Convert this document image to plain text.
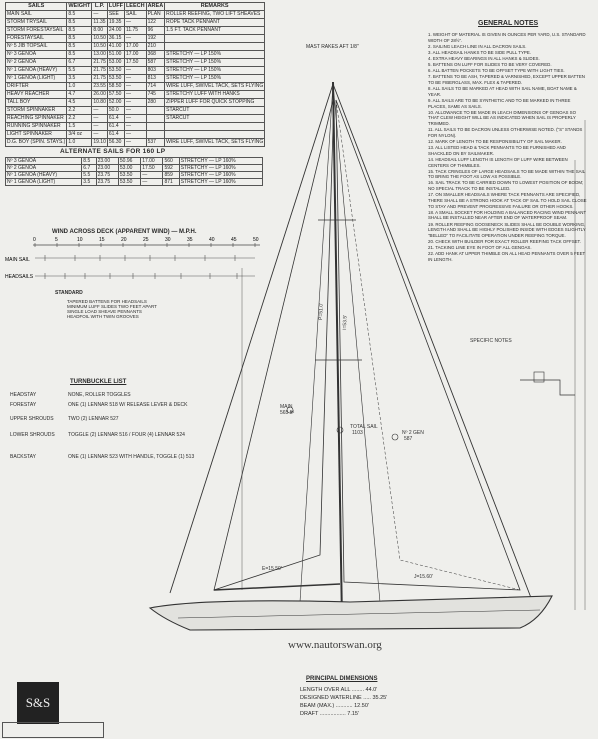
SAILS	WEIGHT	L.P.	LUFF	LEECH	AREA	REMARKS
MAIN SAIL	8.5	—	SEE	SAIL	PLAN	ROLLER REEFING, TWO LIFT SHEAVES
STORM TRYSAIL	8.5	11.35	19.35	—	122	ROPE TACK PENNANT
STORM FORESTAYSAIL	8.5	8.00	24.00	11.75	96	1.5 FT. TACK PENNANT
FORESTAYSAIL	8.5	10.50	36.15	—	192	
Nº 5 JIB TOPSAIL	8.5	10.50	41.00	17.00	210	
Nº 3 GENOA	8.5	13.00	51.00	17.00	368	STRETCHY — LP 150%
Nº 2 GENOA	6.7	21.75	53.00	17.50	587	STRETCHY — LP 150%
Nº 1 GENOA (HEAVY)	5.5	21.75	53.50	—	803	STRETCHY — LP 150%
Nº 1 GENOA (LIGHT)	3.5	21.75	53.50	—	813	STRETCHY — LP 150%
DRIFTER	1.0	23.55	58.50	—	714	WIRE LUFF, SWIVEL TACK, SETS FLYING
HEAVY REACHER	4.7	26.00	57.50	—	745	STRETCHY LUFF WITH HANKS
TALL BOY	4.5	10.80	52.00	—	280	ZIPPER LUFF FOR QUICK STOPPING
STORM SPINNAKER	2.2	—	50.0	—		STARCUT
REACHING SPINNAKER	2.2	—	61.4	—		STARCUT
RUNNING SPINNAKER	1.5	—	61.4	—		
LIGHT SPINNAKER	3/4 oz	—	61.4	—		
D.G. BOY (SPIN. STAYS.)	1.0	19.10	56.30	—	537	WIRE LUFF, SWIVEL TACK, SETS FLYING
ALTERNATE SAILS FOR 160 LP
Nº 3 GENOA	8.5	23.00	50.96	17.00	560	STRETCHY — LP 160%
Nº 2 GENOA	6.7	23.00	53.00	17.50	592	STRETCHY — LP 160%
Nº 1 GENOA (HEAVY)	5.5	23.75	53.50	—	859	STRETCHY — LP 160%
Nº 1 GENOA (LIGHT)	3.5	23.75	53.50	—	871	STRETCHY — LP 160%
WIND ACROSS DECK (APPARENT WIND) — M.P.H.
0	5	10	15	20	25	30	35	40	45	50
MAIN SAIL
HEADSAILS
STANDARD
TAPERED BATTENS FOR HEADSAILS
MINIMUM LUFF SLIDES TWO FEET APART
SINGLE LOAD SHEAVE PENNANTS
HEADFOIL WITH TWIN GROOVES
TURNBUCKLE LIST
HEADSTAY	NONE, ROLLER TOGGLES
FORESTAY	ONE (1) LENNAR 518 W/ RELEASE LEVER & DECK
UPPER SHROUDS	TWO (2) LENNAR 527
LOWER SHROUDS	TOGGLE (2) LENNAR 516 / FOUR (4) LENNAR 524
BACKSTAY	ONE (1) LENNAR 523 WITH HANDLE, TOGGLE (1) 513
GENERAL NOTES
1. WEIGHT OF MATERIAL IS GIVEN IN OUNCES PER YARD, U.S. STANDARD WIDTH OF 28½".
2. SAILING LEACH LINE IN ALL DACRON SAILS.
3. ALL HEADSAIL HANKS TO BE SIDE PULL TYPE.
4. EXTRA HEAVY BEARINGS IN ALL HANKS & SLIDES.
5. BATTENS ON LUFF FOR SLIDES TO BE VERY COVERED.
6. ALL BATTEN POCKETS TO BE OFFSET TYPE WITH LIGHT TIES.
7. BATTENS TO BE ASH, TAPERED & VARNISHED, EXCEPT UPPER BATTEN TO BE FIBERGLASS, MAX. FLEX & TAPERED.
8. ALL SAILS TO BE MARKED AT HEAD WITH SAIL NAME, BOAT NAME & YEAR.
9. ALL SAILS ARE TO BE SYNTHETIC AND TO BE MARKED IN THREE PLACES, SAME AS SAILS.
10. ALLOWANCE TO BE MADE IN LEACH DIMENSIONS OF GENOAS SO THAT CLEW HEIGHT WILL BE AS INDICATED WHEN SAIL IS PROPERLY TRIMMED.
11. ALL SAILS TO BE DACRON UNLESS OTHERWISE NOTED. ("S" STANDS FOR NYLON).
12. MARK OF LENGTH TO BE RESPONSIBILITY OF SAIL MAKER.
13. ALL LISTED HEAD & TACK PENNANTS TO BE FURNISHED AND SHACKLED ON BY SAILMAKER.
14. HEADSAIL LUFF LENGTH IS LENGTH OF LUFF WIRE BETWEEN CENTERS OF THIMBLES.
15. TACK CRINGLES OF LARGE HEADSAILS TO BE MADE WITHIN THE SAIL TO BRING THE FOOT AS LOW AS POSSIBLE.
16. SAIL TRACK TO BE CARRIED DOWN TO LOWEST POSITION OF BOOM; NO SPECIAL TRACK TO BE INSTALLED.
17. ON SMALLER HEADSAILS WHERE TACK PENNANTS ARE SPECIFIED, THERE SHALL BE A STRONG HOOK AT TACK OF SAIL TO HOLD SAIL CLOSE TO STAY AND PREVENT PROGRESSIVE FAILURE OR OTHER HOOKS.
18. A SMALL SOCKET FOR HOLDING A BALANCED RACING WIND PENNANT SHALL BE INSTALLED NEAR AFTER END OF WATERPROOF SEAM.
19. ROLLER REEFING GOOSENECK SLIDES SHALL BE DOUBLE WORKING, LENGTH AND SHALL BE HIGHLY POLISHED INSIDE WITH EDGES SLIGHTLY "BELLED" TO FACILITATE OPERATION UNDER REEFING TORQUE.
20. CHECK WITH BUILDER FOR EXACT ROLLER REEFING TACK OFFSET.
21. TACKING LINE EYE IN FOOT OF ALL GENOAS.
22. ADD HANK AT UPPER THIMBLE ON ALL HEAD PENNANTS OVER 5 FEET IN LENGTH.
MAIN
565 ft²
TOTAL SAIL
1103	Nº 2 GEN
587
E=15.50'
J=15.60'
P=51.0'
I=53.5'
SPECIFIC NOTES
MAST RAKES AFT 1/8"
www.nautorswan.org
S&S
PRINCIPAL DIMENSIONS
LENGTH OVER ALL ........ 44.0'
DESIGNED WATERLINE ..... 35.25'
BEAM (MAX.) ........... 12.50'
DRAFT ................. 7.15'
